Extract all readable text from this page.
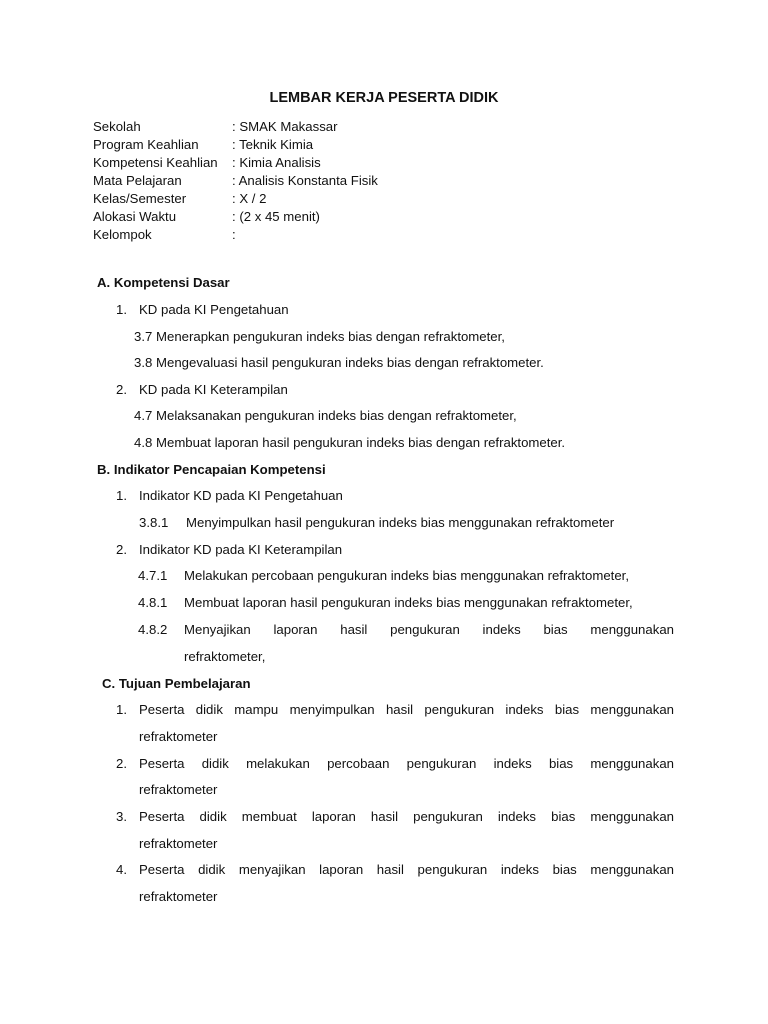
LEMBAR KERJA PESERTA DIDIK
Sekolah	: SMAK Makassar
Program Keahlian	: Teknik Kimia
Kompetensi Keahlian : Kimia Analisis
Mata Pelajaran	: Analisis Konstanta Fisik
Kelas/Semester	: X / 2
Alokasi Waktu	: (2 x 45 menit)
Kelompok	:
A. Kompetensi Dasar
1. KD pada KI Pengetahuan
3.7 Menerapkan pengukuran indeks bias dengan refraktometer,
3.8 Mengevaluasi hasil pengukuran indeks bias dengan refraktometer.
2. KD pada KI Keterampilan
4.7 Melaksanakan pengukuran indeks bias dengan refraktometer,
4.8 Membuat laporan hasil pengukuran indeks bias dengan refraktometer.
B. Indikator Pencapaian Kompetensi
1. Indikator KD pada KI Pengetahuan
3.8.1 Menyimpulkan hasil pengukuran indeks bias menggunakan refraktometer
2. Indikator KD pada KI Keterampilan
4.7.1 Melakukan percobaan pengukuran indeks bias menggunakan refraktometer,
4.8.1 Membuat laporan hasil pengukuran indeks bias menggunakan refraktometer,
4.8.2 Menyajikan laporan hasil pengukuran indeks bias menggunakan
refraktometer,
C. Tujuan Pembelajaran
1. Peserta didik mampu menyimpulkan hasil pengukuran indeks bias menggunakan
refraktometer
2. Peserta didik melakukan percobaan pengukuran indeks bias menggunakan
refraktometer
3. Peserta didik membuat laporan hasil pengukuran indeks bias menggunakan
refraktometer
4. Peserta didik menyajikan laporan hasil pengukuran indeks bias menggunakan
refraktometer
